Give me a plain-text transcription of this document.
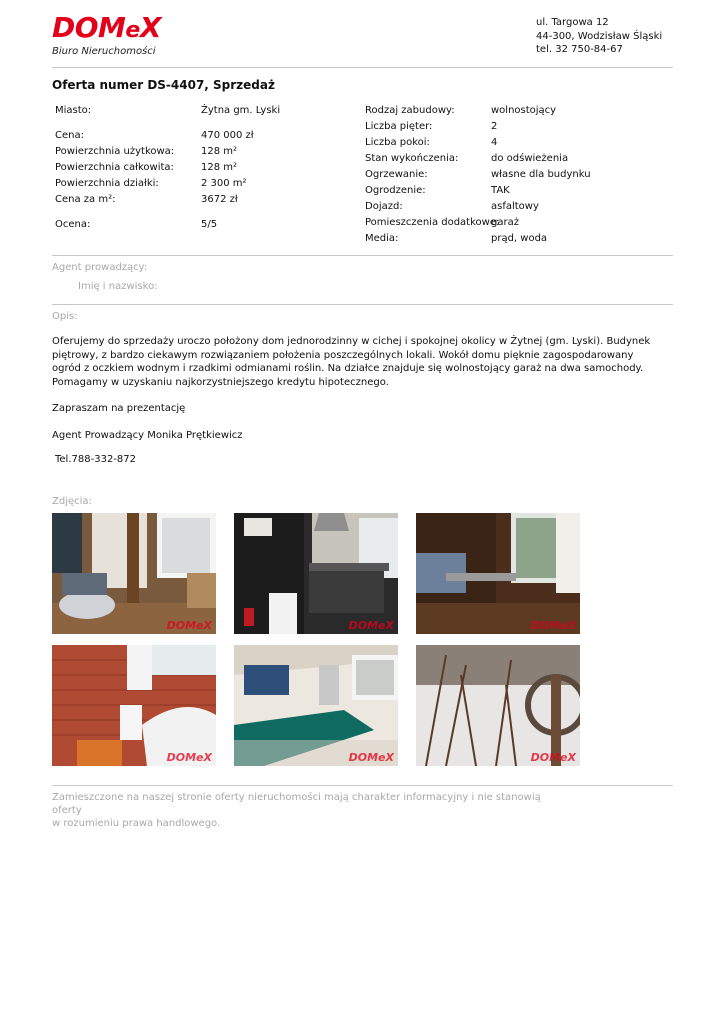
DOMeX
Biuro Nieruchomości
ul. Targowa 12
44-300, Wodzisław Śląski
tel. 32 750-84-67
Oferta numer DS-4407, Sprzedaż
Miasto:	Żytna gm. Lyski
Cena:	470 000 zł
Powierzchnia użytkowa:	128 m²
Powierzchnia całkowita:	128 m²
Powierzchnia działki:	2 300 m²
Cena za m²:	3672 zł
Ocena:	5/5
Rodzaj zabudowy:	wolnostojący
Liczba pięter:	2
Liczba pokoi:	4
Stan wykończenia:	do odświeżenia
Ogrzewanie:	własne dla budynku
Ogrodzenie:	TAK
Dojazd:	asfaltowy
Pomieszczenia dodatkowe:
garaż
Media:	prąd, woda
Agent prowadzący:
Imię i nazwisko:
Opis:

Oferujemy do sprzedaży uroczo położony dom jednorodzinny w cichej i spokojnej okolicy w Żytnej (gm. Lyski). Budynek piętrowy, z bardzo ciekawym rozwiązaniem położenia poszczególnych lokali. Wokół domu pięknie zagospodarowany ogród z oczkiem wodnym i rzadkimi odmianami roślin. Na działce znajduje się wolnostojący garaż na dwa samochody.

Pomagamy w uzyskaniu najkorzystniejszego kredytu hipotecznego.

Zapraszam na prezentację

Agent Prowadzący Monika Prętkiewicz

Tel.788-332-872

Zdjęcia:
DOMeX	DOMeX	DOMeX
DOMeX	DOMeX	DOMeX
Zamieszczone na naszej stronie oferty nieruchomości mają charakter informacyjny i nie stanowią oferty
w rozumieniu prawa handlowego.
